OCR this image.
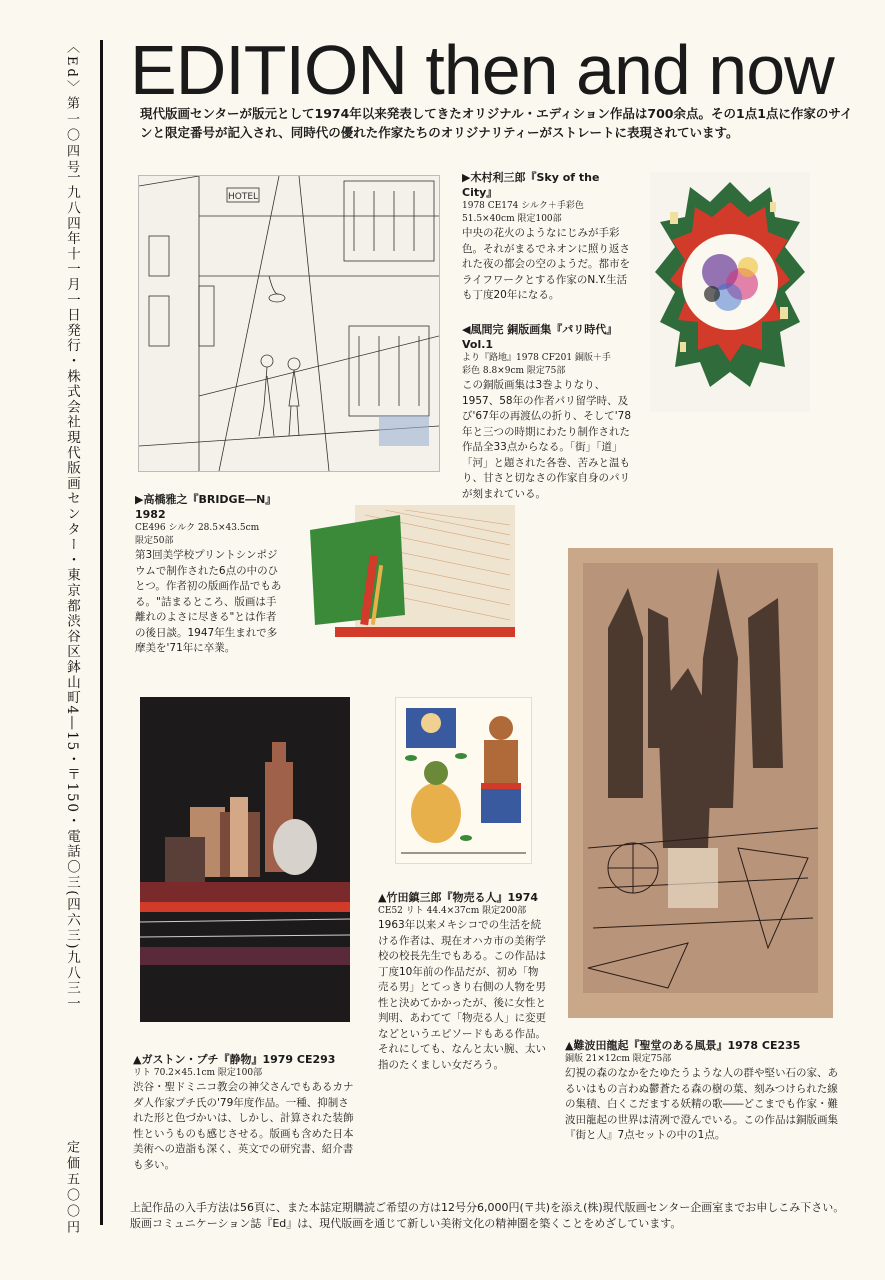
〈Ed〉第一〇四号
一九八四年十一月一日発行・株式会社現代版画センター・東京都渋谷区鉢山町4―15・〒150・電話〇三(四六三)九八三一
定価五〇〇円
EDITION then and now
現代版画センターが版元として1974年以来発表してきたオリジナル・エディション作品は700余点。その1点1点に作家のサインと限定番号が記入され、同時代の優れた作家たちのオリジナリティーがストレートに表現されています。
HOTEL
▶木村利三郎『Sky of the City』
1978 CE174 シルク＋手彩色
51.5×40cm 限定100部
中央の花火のようなにじみが手彩色。それがまるでネオンに照り返された夜の都会の空のようだ。都市をライフワークとする作家のN.Y.生活も丁度20年になる。
◀風間完 銅版画集『パリ時代』Vol.1
より『路地』1978 CF201 銅版＋手
彩色 8.8×9cm 限定75部
この銅版画集は3巻よりなり、1957、58年の作者パリ留学時、及び'67年の再渡仏の折り、そして'78年と三つの時期にわたり制作された作品全33点からなる。「街」「道」「河」と題された各巻、苦みと温もり、甘さと切なさの作家自身のパリが刻まれている。
▶高橋雅之『BRIDGE―N』1982
CE496 シルク 28.5×43.5cm
限定50部
第3回美学校プリントシンポジウムで制作された6点の中のひとつ。作者初の版画作品でもある。"詰まるところ、版画は手離れのよさに尽きる"とは作者の後日談。1947年生まれで多摩美を'71年に卒業。
▲竹田鎮三郎『物売る人』1974
CE52 リト 44.4×37cm 限定200部
1963年以来メキシコでの生活を続ける作者は、現在オハカ市の美術学校の校長先生でもある。この作品は丁度10年前の作品だが、初め「物売る男」とてっきり右側の人物を男性と決めてかかったが、後に女性と判明、あわてて「物売る人」に変更などというエピソードもある作品。それにしても、なんと太い腕、太い指のたくましい女だろう。
▲ガストン・プチ『静物』1979 CE293
リト 70.2×45.1cm 限定100部
渋谷・聖ドミニコ教会の神父さんでもあるカナダ人作家プチ氏の'79年度作品。一種、抑制された形と色づかいは、しかし、計算された装飾性というものも感じさせる。版画も含めた日本美術への造詣も深く、英文での研究書、紹介書も多い。
▲難波田龍起『聖堂のある風景』1978 CE235
銅版 21×12cm 限定75部
幻視の森のなかをたゆたうような人の群や堅い石の家、あるいはもの言わぬ鬱蒼たる森の樹の葉、刻みつけられた線の集積、白くこだまする妖精の歌――どこまでも作家・難波田龍起の世界は清冽で澄んでいる。この作品は銅版画集『街と人』7点セットの中の1点。
上記作品の入手方法は56頁に、また本誌定期購読ご希望の方は12号分6,000円(〒共)を添え(株)現代版画センター企画室までお申しこみ下さい。
版画コミュニケーション誌『Ed』は、現代版画を通じて新しい美術文化の精神圏を築くことをめざしています。
